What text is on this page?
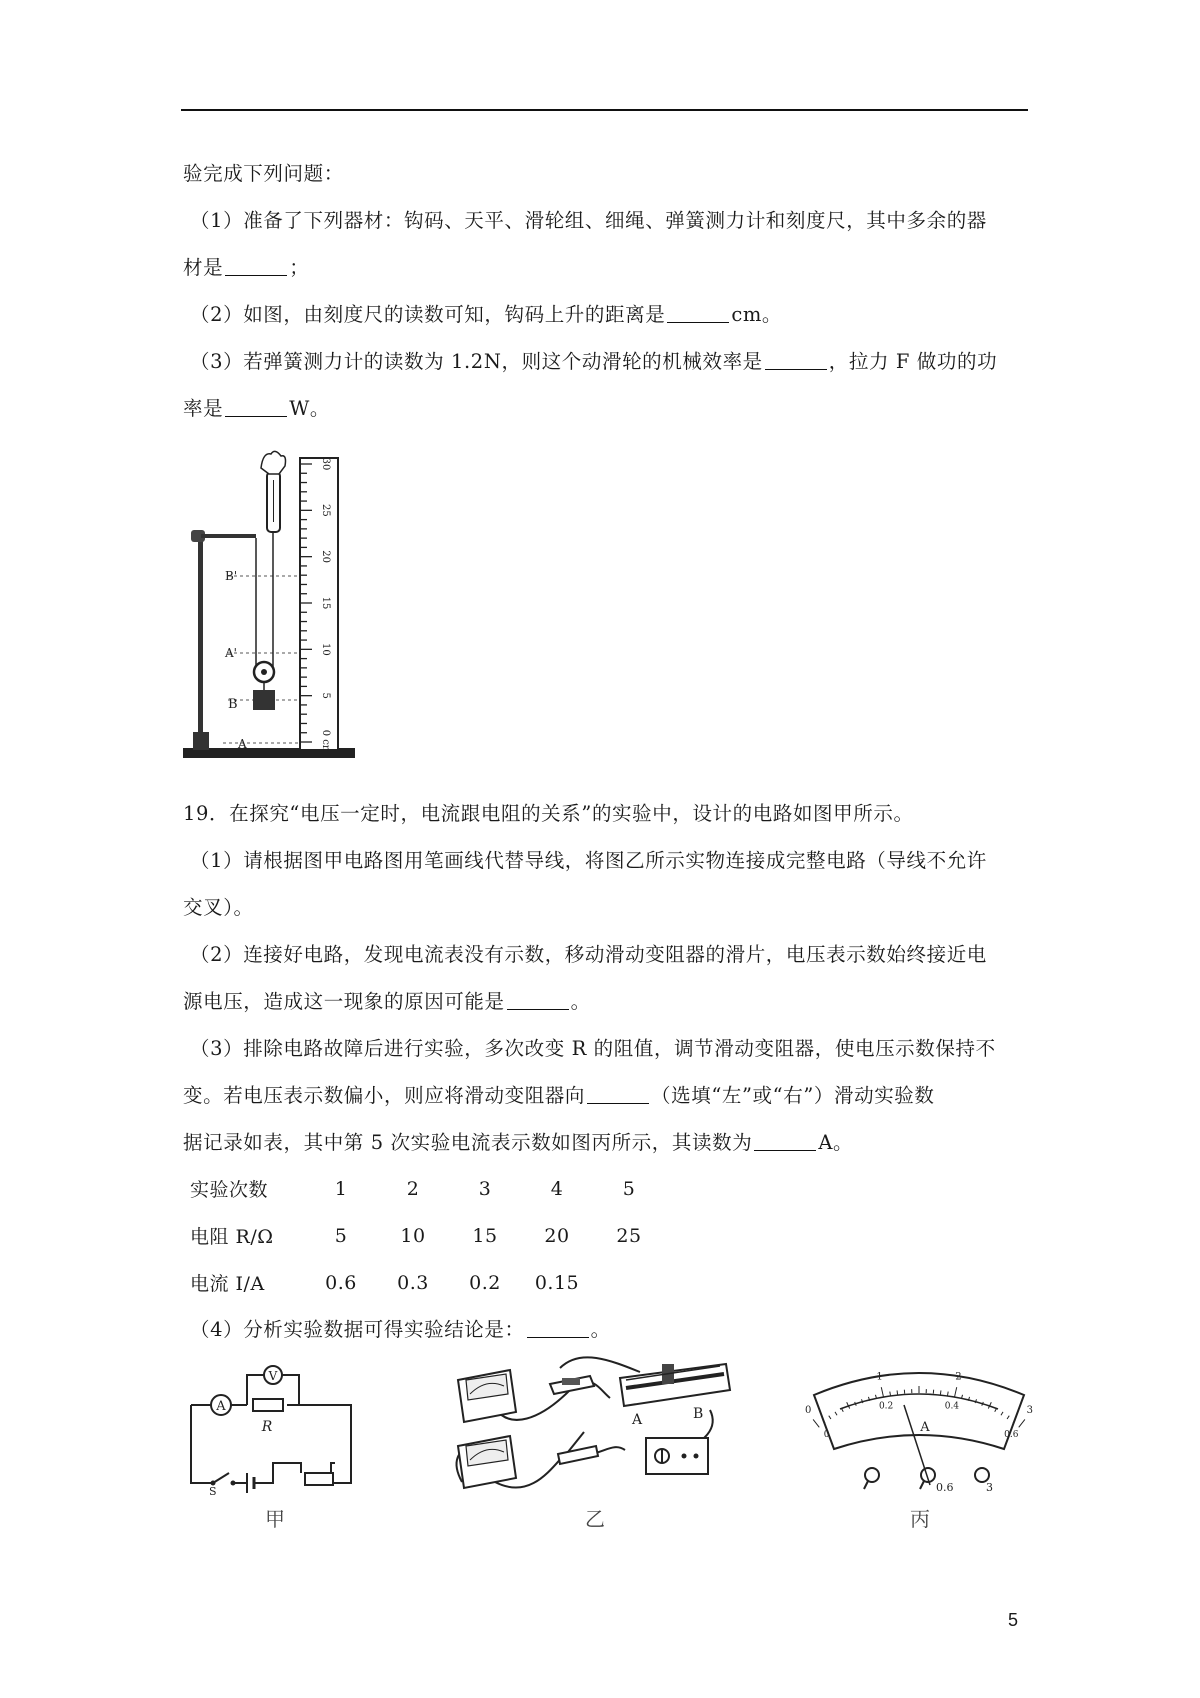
验完成下列问题：
（1）准备了下列器材：钩码、天平、滑轮组、细绳、弹簧测力计和刻度尺，其中多余的器
材是	；
（2）如图，由刻度尺的读数可知，钩码上升的距离是	cm。
（3）若弹簧测力计的读数为 1.2N，则这个动滑轮的机械效率是	，拉力 F 做功的功
率是	W。
B'
A'
B
A
30
25
20
15
10
5
0 cm
19．在探究“电压一定时，电流跟电阻的关系”的实验中，设计的电路如图甲所示。
（1）请根据图甲电路图用笔画线代替导线，将图乙所示实物连接成完整电路（导线不允许
交叉）。
（2）连接好电路，发现电流表没有示数，移动滑动变阻器的滑片，电压表示数始终接近电
源电压，造成这一现象的原因可能是	。
（3）排除电路故障后进行实验，多次改变 R 的阻值，调节滑动变阻器，使电压示数保持不
变。若电压表示数偏小，则应将滑动变阻器向	（选填“左”或“右”）滑动实验数
据记录如表，其中第 5 次实验电流表示数如图丙所示，其读数为	A。
实验次数	1	2	3	4	5
电阻 R/Ω	5	10	15	20	25
电流 I/A	0.6	0.3	0.2	0.15	
（4）分析实验数据可得实验结论是：	。
A
V
R
S
甲
A	B
乙
0
1	2
3
0
0.2	0.4
0.6
A
0.6	3
丙
5
